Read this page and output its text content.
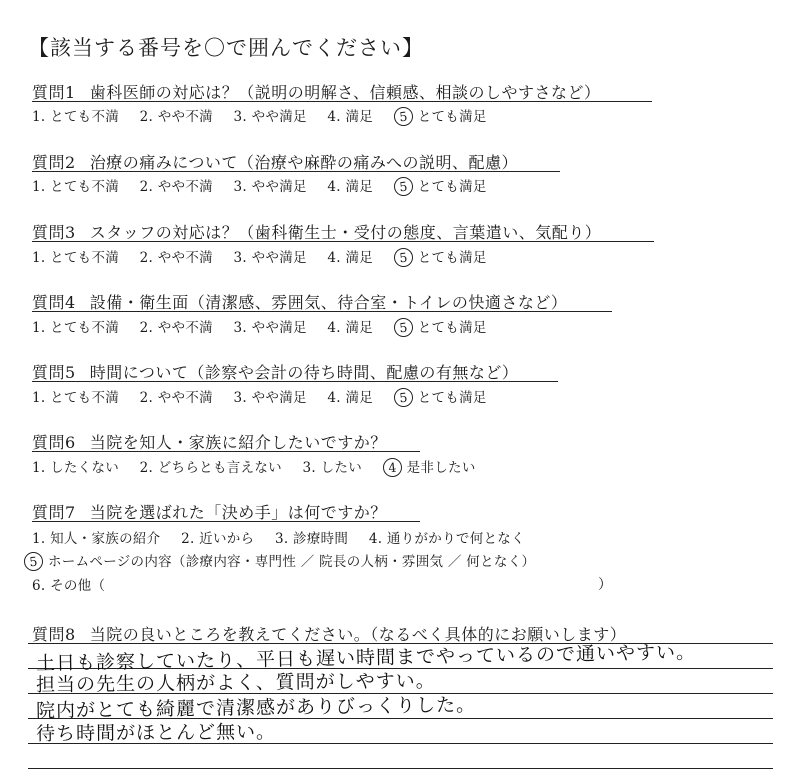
【該当する番号を〇で囲んでください】
質問1 歯科医師の対応は？（説明の明解さ、信頼感、相談のしやすさなど）
1. とても不満 2. やや不満 3. やや満足 4. 満足 5 とても満足
質問2 治療の痛みについて（治療や麻酔の痛みへの説明、配慮）
1. とても不満 2. やや不満 3. やや満足 4. 満足 5 とても満足
質問3 スタッフの対応は？（歯科衛生士・受付の態度、言葉遣い、気配り）
1. とても不満 2. やや不満 3. やや満足 4. 満足 5 とても満足
質問4 設備・衛生面（清潔感、雰囲気、待合室・トイレの快適さなど）
1. とても不満 2. やや不満 3. やや満足 4. 満足 5 とても満足
質問5 時間について（診察や会計の待ち時間、配慮の有無など）
1. とても不満 2. やや不満 3. やや満足 4. 満足 5 とても満足
質問6 当院を知人・家族に紹介したいですか？
1. したくない 2. どちらとも言えない 3. したい 4 是非したい
質問7 当院を選ばれた「決め手」は何ですか？
1. 知人・家族の紹介 2. 近いから 3. 診療時間 4. 通りがかりで何となく
5 ホームページの内容（診療内容・専門性 ／ 院長の人柄・雰囲気 ／ 何となく）
6. その他（	）
質問8 当院の良いところを教えてください。（なるべく具体的にお願いします）
土日も診察していたり、平日も遅い時間までやっているので通いやすい。
担当の先生の人柄がよく、質問がしやすい。
院内がとても綺麗で清潔感がありびっくりした。
待ち時間がほとんど無い。
